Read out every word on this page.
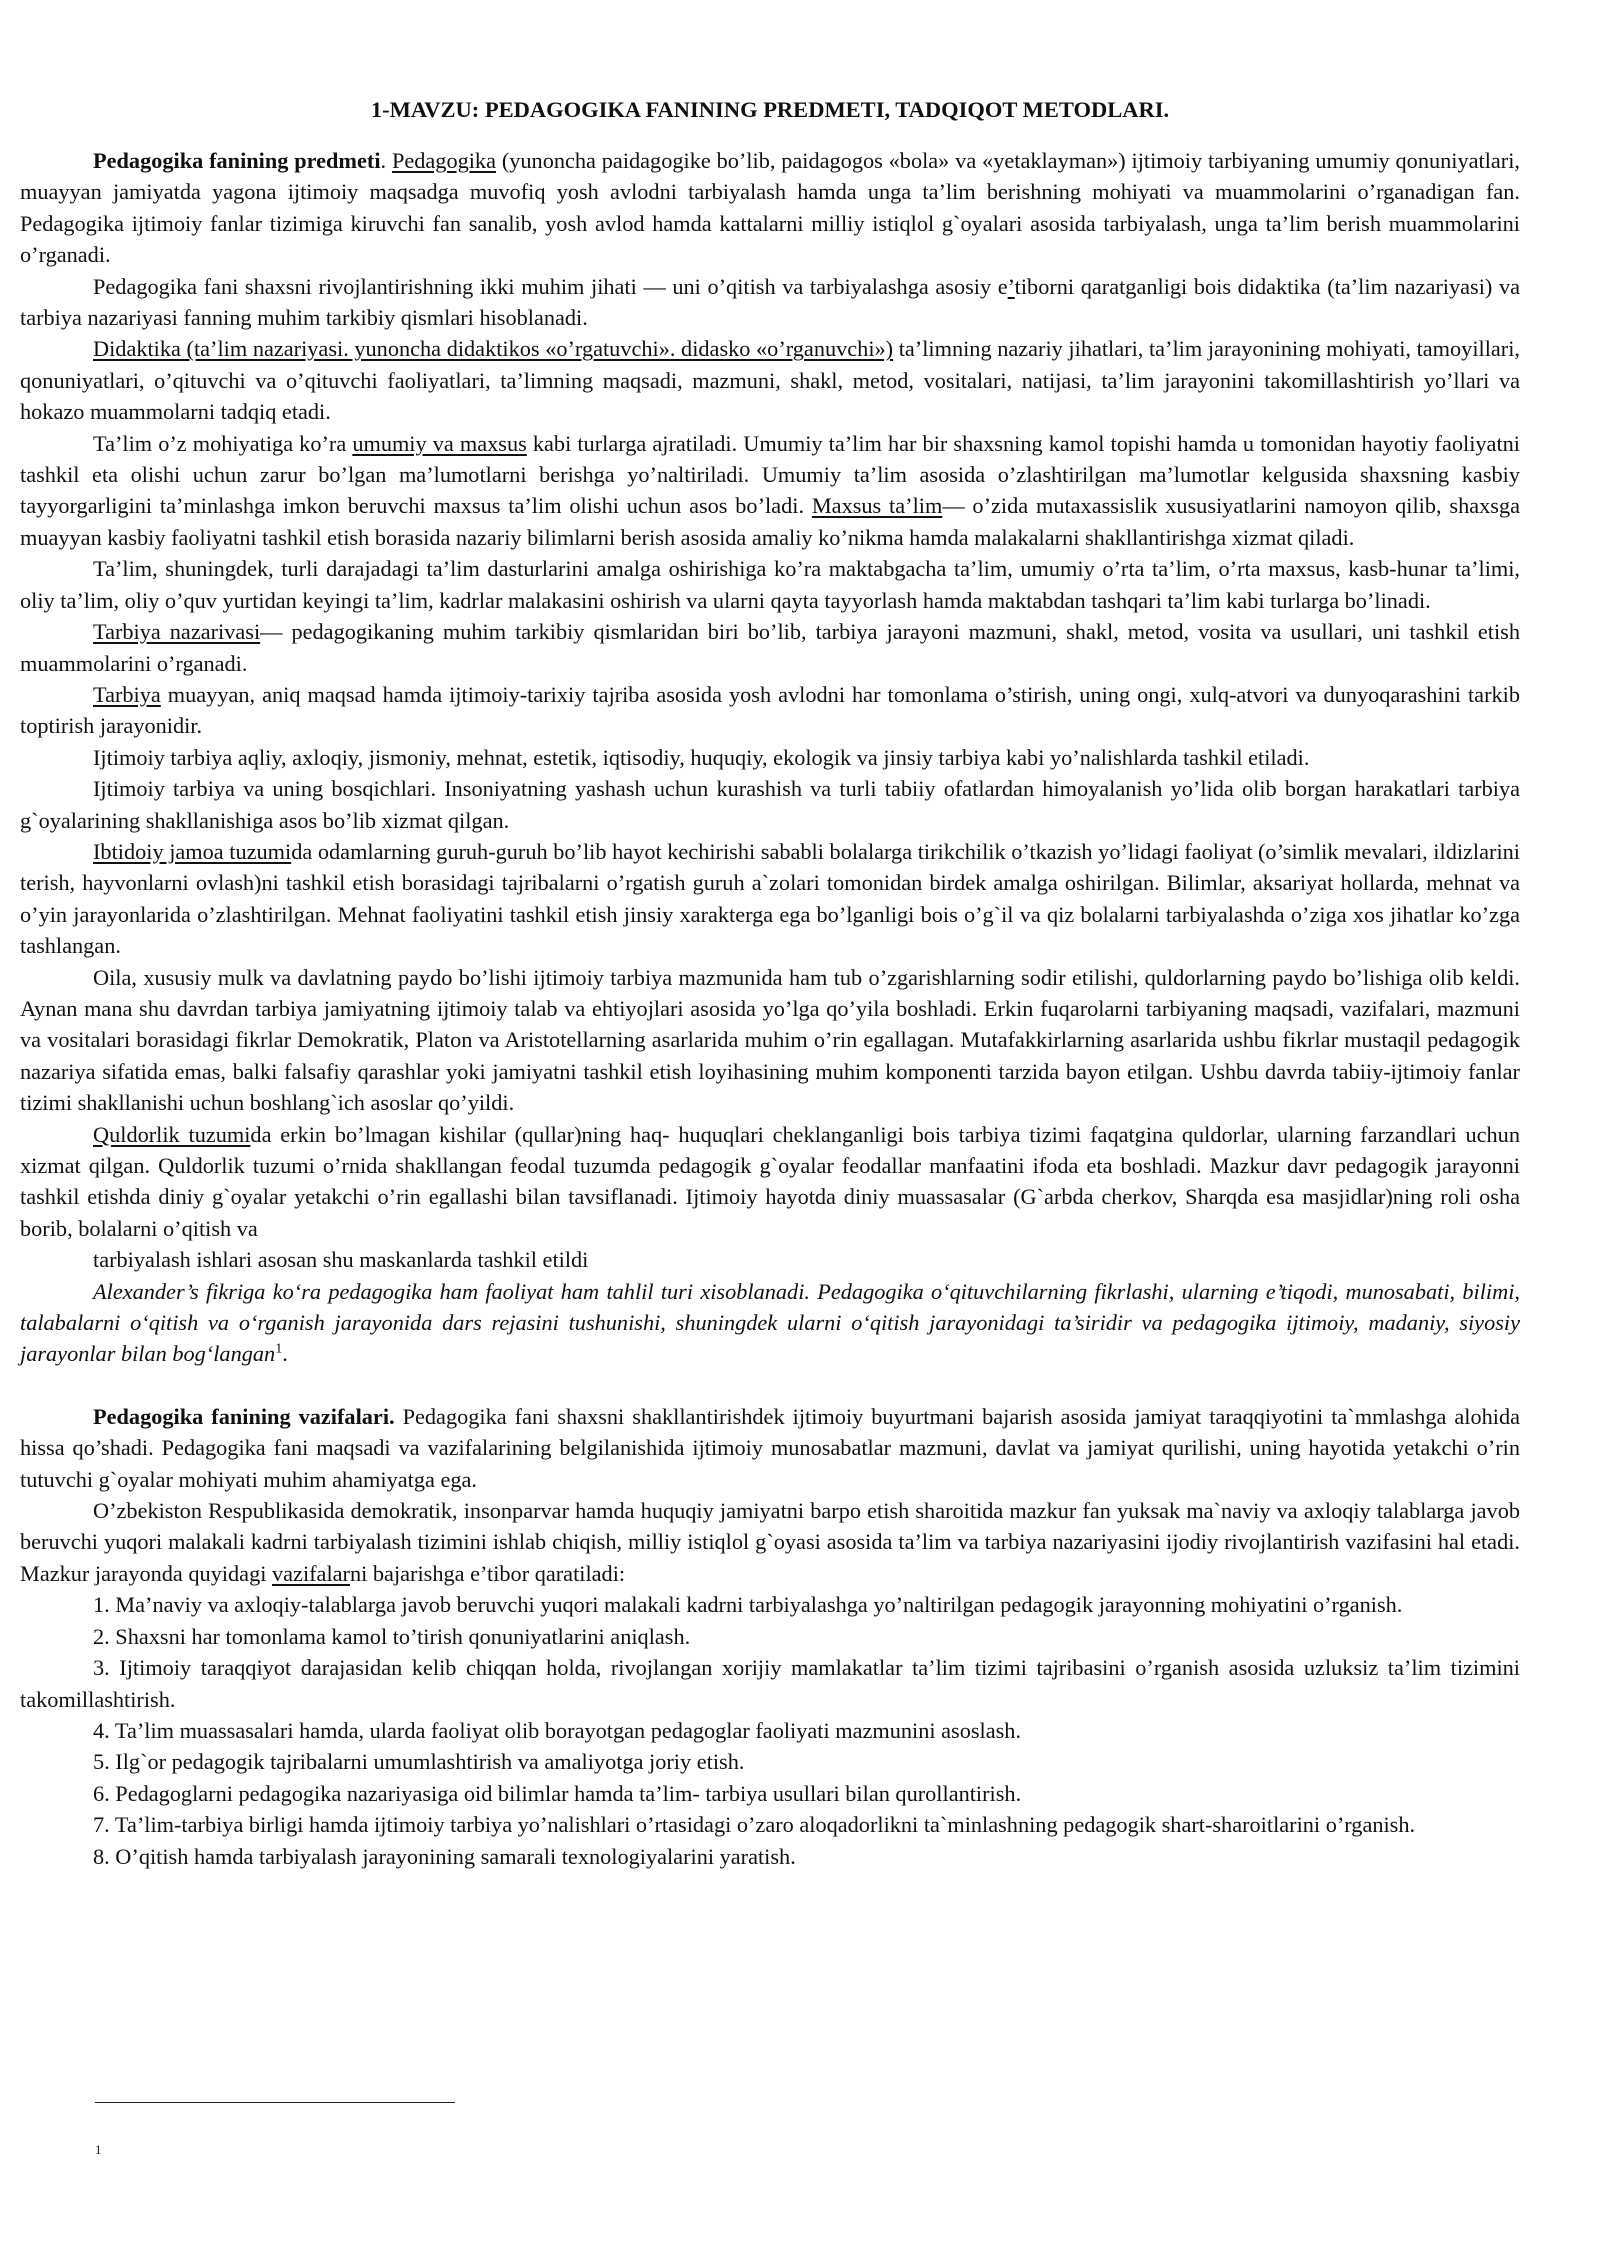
1-MAVZU: PEDAGOGIKA FANINING PREDMETI, TADQIQOT METODLARI.

Pedagogika fanining predmeti. Pedagogika (yunoncha paidagogike bo’lib, paidagogos «bola» va «yetaklayman») ijtimoiy tarbiyaning umumiy qonuniyatlari, muayyan jamiyatda yagona ijtimoiy maqsadga muvofiq yosh avlodni tarbiyalash hamda unga ta’lim berishning mohiyati va muammolarini o’rganadigan fan. Pedagogika ijtimoiy fanlar tizimiga kiruvchi fan sanalib, yosh avlod hamda kattalarni milliy istiqlol g`oyalari asosida tarbiyalash, unga ta’lim berish muammolarini o’rganadi.

Pedagogika fani shaxsni rivojlantirishning ikki muhim jihati — uni o’qitish va tarbiyalashga asosiy e’tiborni qaratganligi bois didaktika (ta’lim nazariyasi) va tarbiya nazariyasi fanning muhim tarkibiy qismlari hisoblanadi.

Didaktika (ta’lim nazariyasi. yunoncha didaktikos «o’rgatuvchi». didasko «o’rganuvchi») ta’limning nazariy jihatlari, ta’lim jarayonining mohiyati, tamoyillari, qonuniyatlari, o’qituvchi va o’qituvchi faoliyatlari, ta’limning maqsadi, mazmuni, shakl, metod, vositalari, natijasi, ta’lim jarayonini takomillashtirish yo’llari va hokazo muammolarni tadqiq etadi.

Ta’lim o’z mohiyatiga ko’ra umumiy va maxsus kabi turlarga ajratiladi. Umumiy ta’lim har bir shaxsning kamol topishi hamda u tomonidan hayotiy faoliyatni tashkil eta olishi uchun zarur bo’lgan ma’lumotlarni berishga yo’naltiriladi. Umumiy ta’lim asosida o’zlashtirilgan ma’lumotlar kelgusida shaxsning kasbiy tayyorgarligini ta’minlashga imkon beruvchi maxsus ta’lim olishi uchun asos bo’ladi. Maxsus ta’lim— o’zida mutaxassislik xususiyatlarini namoyon qilib, shaxsga muayyan kasbiy faoliyatni tashkil etish borasida nazariy bilimlarni berish asosida amaliy ko’nikma hamda malakalarni shakllantirishga xizmat qiladi.

Ta’lim, shuningdek, turli darajadagi ta’lim dasturlarini amalga oshirishiga ko’ra maktabgacha ta’lim, umumiy o’rta ta’lim, o’rta maxsus, kasb-hunar ta’limi, oliy ta’lim, oliy o’quv yurtidan keyingi ta’lim, kadrlar malakasini oshirish va ularni qayta tayyorlash hamda maktabdan tashqari ta’lim kabi turlarga bo’linadi.

Tarbiya nazarivasi— pedagogikaning muhim tarkibiy qismlaridan biri bo’lib, tarbiya jarayoni mazmuni, shakl, metod, vosita va usullari, uni tashkil etish muammolarini o’rganadi.

Tarbiya muayyan, aniq maqsad hamda ijtimoiy-tarixiy tajriba asosida yosh avlodni har tomonlama o’stirish, uning ongi, xulq-atvori va dunyoqarashini tarkib toptirish jarayonidir.

Ijtimoiy tarbiya aqliy, axloqiy, jismoniy, mehnat, estetik, iqtisodiy, huquqiy, ekologik va jinsiy tarbiya kabi yo’nalishlarda tashkil etiladi.

Ijtimoiy tarbiya va uning bosqichlari. Insoniyatning yashash uchun kurashish va turli tabiiy ofatlardan himoyalanish yo’lida olib borgan harakatlari tarbiya g`oyalarining shakllanishiga asos bo’lib xizmat qilgan.

Ibtidoiy jamoa tuzumida odamlarning guruh-guruh bo’lib hayot kechirishi sababli bolalarga tirikchilik o’tkazish yo’lidagi faoliyat (o’simlik mevalari, ildizlarini terish, hayvonlarni ovlash)ni tashkil etish borasidagi tajribalarni o’rgatish guruh a`zolari tomonidan birdek amalga oshirilgan. Bilimlar, aksariyat hollarda, mehnat va o’yin jarayonlarida o’zlashtirilgan. Mehnat faoliyatini tashkil etish jinsiy xarakterga ega bo’lganligi bois o’g`il va qiz bolalarni tarbiyalashda o’ziga xos jihatlar ko’zga tashlangan.

Oila, xususiy mulk va davlatning paydo bo’lishi ijtimoiy tarbiya mazmunida ham tub o’zgarishlarning sodir etilishi, quldorlarning paydo bo’lishiga olib keldi. Aynan mana shu davrdan tarbiya jamiyatning ijtimoiy talab va ehtiyojlari asosida yo’lga qo’yila boshladi. Erkin fuqarolarni tarbiyaning maqsadi, vazifalari, mazmuni va vositalari borasidagi fikrlar Demokratik, Platon va Aristotellarning asarlarida muhim o’rin egallagan. Mutafakkirlarning asarlarida ushbu fikrlar mustaqil pedagogik nazariya sifatida emas, balki falsafiy qarashlar yoki jamiyatni tashkil etish loyihasining muhim komponenti tarzida bayon etilgan. Ushbu davrda tabiiy-ijtimoiy fanlar tizimi shakllanishi uchun boshlang`ich asoslar qo’yildi.

Quldorlik tuzumida erkin bo’lmagan kishilar (qullar)ning haq- huquqlari cheklanganligi bois tarbiya tizimi faqatgina quldorlar, ularning farzandlari uchun xizmat qilgan. Quldorlik tuzumi o’rnida shakllangan feodal tuzumda pedagogik g`oyalar feodallar manfaatini ifoda eta boshladi. Mazkur davr pedagogik jarayonni tashkil etishda diniy g`oyalar yetakchi o’rin egallashi bilan tavsiflanadi. Ijtimoiy hayotda diniy muassasalar (G`arbda cherkov, Sharqda esa masjidlar)ning roli osha borib, bolalarni o’qitish va

tarbiyalash ishlari asosan shu maskanlarda tashkil etildi

Alexander’s fikriga ko‘ra pedagogika ham faoliyat ham tahlil turi xisoblanadi. Pedagogika o‘qituvchilarning fikrlashi, ularning e’tiqodi, munosabati, bilimi, talabalarni o‘qitish va o‘rganish jarayonida dars rejasini tushunishi, shuningdek ularni o‘qitish jarayonidagi ta’siridir va pedagogika ijtimoiy, madaniy, siyosiy jarayonlar bilan bog‘langan$^1$.

Pedagogika fanining vazifalari. Pedagogika fani shaxsni shakllantirishdek ijtimoiy buyurtmani bajarish asosida jamiyat taraqqiyotini ta`mmlashga alohida hissa qo’shadi. Pedagogika fani maqsadi va vazifalarining belgilanishida ijtimoiy munosabatlar mazmuni, davlat va jamiyat qurilishi, uning hayotida yetakchi o’rin tutuvchi g`oyalar mohiyati muhim ahamiyatga ega.

O’zbekiston Respublikasida demokratik, insonparvar hamda huquqiy jamiyatni barpo etish sharoitida mazkur fan yuksak ma`naviy va axloqiy talablarga javob beruvchi yuqori malakali kadrni tarbiyalash tizimini ishlab chiqish, milliy istiqlol g`oyasi asosida ta’lim va tarbiya nazariyasini ijodiy rivojlantirish vazifasini hal etadi. Mazkur jarayonda quyidagi vazifalarni bajarishga e’tibor qaratiladi:

1. Ma’naviy va axloqiy-talablarga javob beruvchi yuqori malakali kadrni tarbiyalashga yo’naltirilgan pedagogik jarayonning mohiyatini o’rganish.

2. Shaxsni har tomonlama kamol to’tirish qonuniyatlarini aniqlash.

3. Ijtimoiy taraqqiyot darajasidan kelib chiqqan holda, rivojlangan xorijiy mamlakatlar ta’lim tizimi tajribasini o’rganish asosida uzluksiz ta’lim tizimini takomillashtirish.

4. Ta’lim muassasalari hamda, ularda faoliyat olib borayotgan pedagoglar faoliyati mazmunini asoslash.

5. Ilg`or pedagogik tajribalarni umumlashtirish va amaliyotga joriy etish.

6. Pedagoglarni pedagogika nazariyasiga oid bilimlar hamda ta’lim- tarbiya usullari bilan qurollantirish.

7. Ta’lim-tarbiya birligi hamda ijtimoiy tarbiya yo’nalishlari o’rtasidagi o’zaro aloqadorlikni ta`minlashning pedagogik shart-sharoitlarini o’rganish.

8. O’qitish hamda tarbiyalash jarayonining samarali texnologiyalarini yaratish.

1
